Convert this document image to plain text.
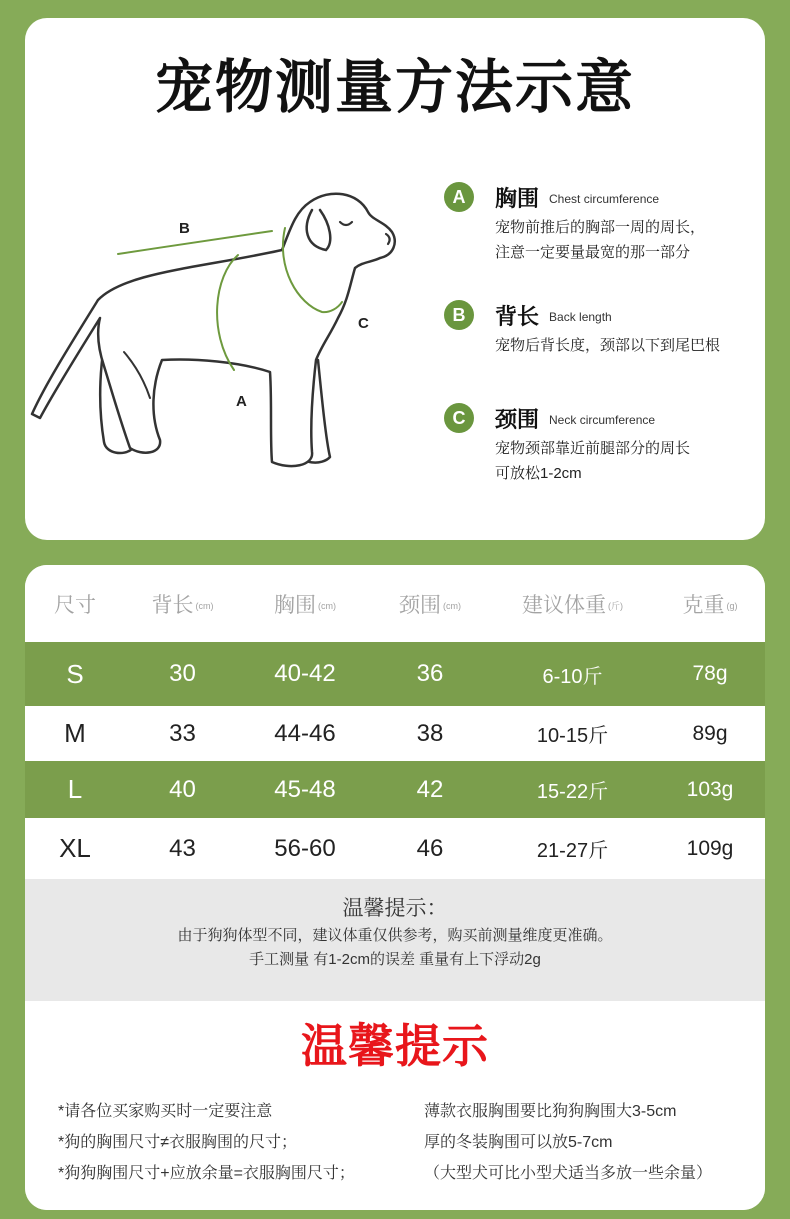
宠物测量方法示意
B
C
A
A	胸围 Chest circumference
宠物前推后的胸部一周的周长，
注意一定要量最宽的那一部分
B	背长 Back length
宠物后背长度，颈部以下到尾巴根
C	颈围 Neck circumference
宠物颈部靠近前腿部分的周长
可放松1-2cm
尺寸	背长 (cm)	胸围 (cm)	颈围 (cm)	建议体重 (斤)	克重 (g)
S	30	40-42	36	6-10斤	78g
M	33	44-46	38	10-15斤	89g
L	40	45-48	42	15-22斤	103g
XL	43	56-60	46	21-27斤	109g
温馨提示：
由于狗狗体型不同，建议体重仅供参考，购买前测量维度更准确。
手工测量 有1-2cm的误差 重量有上下浮动2g
温馨提示
*请各位买家购买时一定要注意
*狗的胸围尺寸≠衣服胸围的尺寸；
*狗狗胸围尺寸+应放余量=衣服胸围尺寸；
薄款衣服胸围要比狗狗胸围大3-5cm
厚的冬装胸围可以放5-7cm
（大型犬可比小型犬适当多放一些余量）
